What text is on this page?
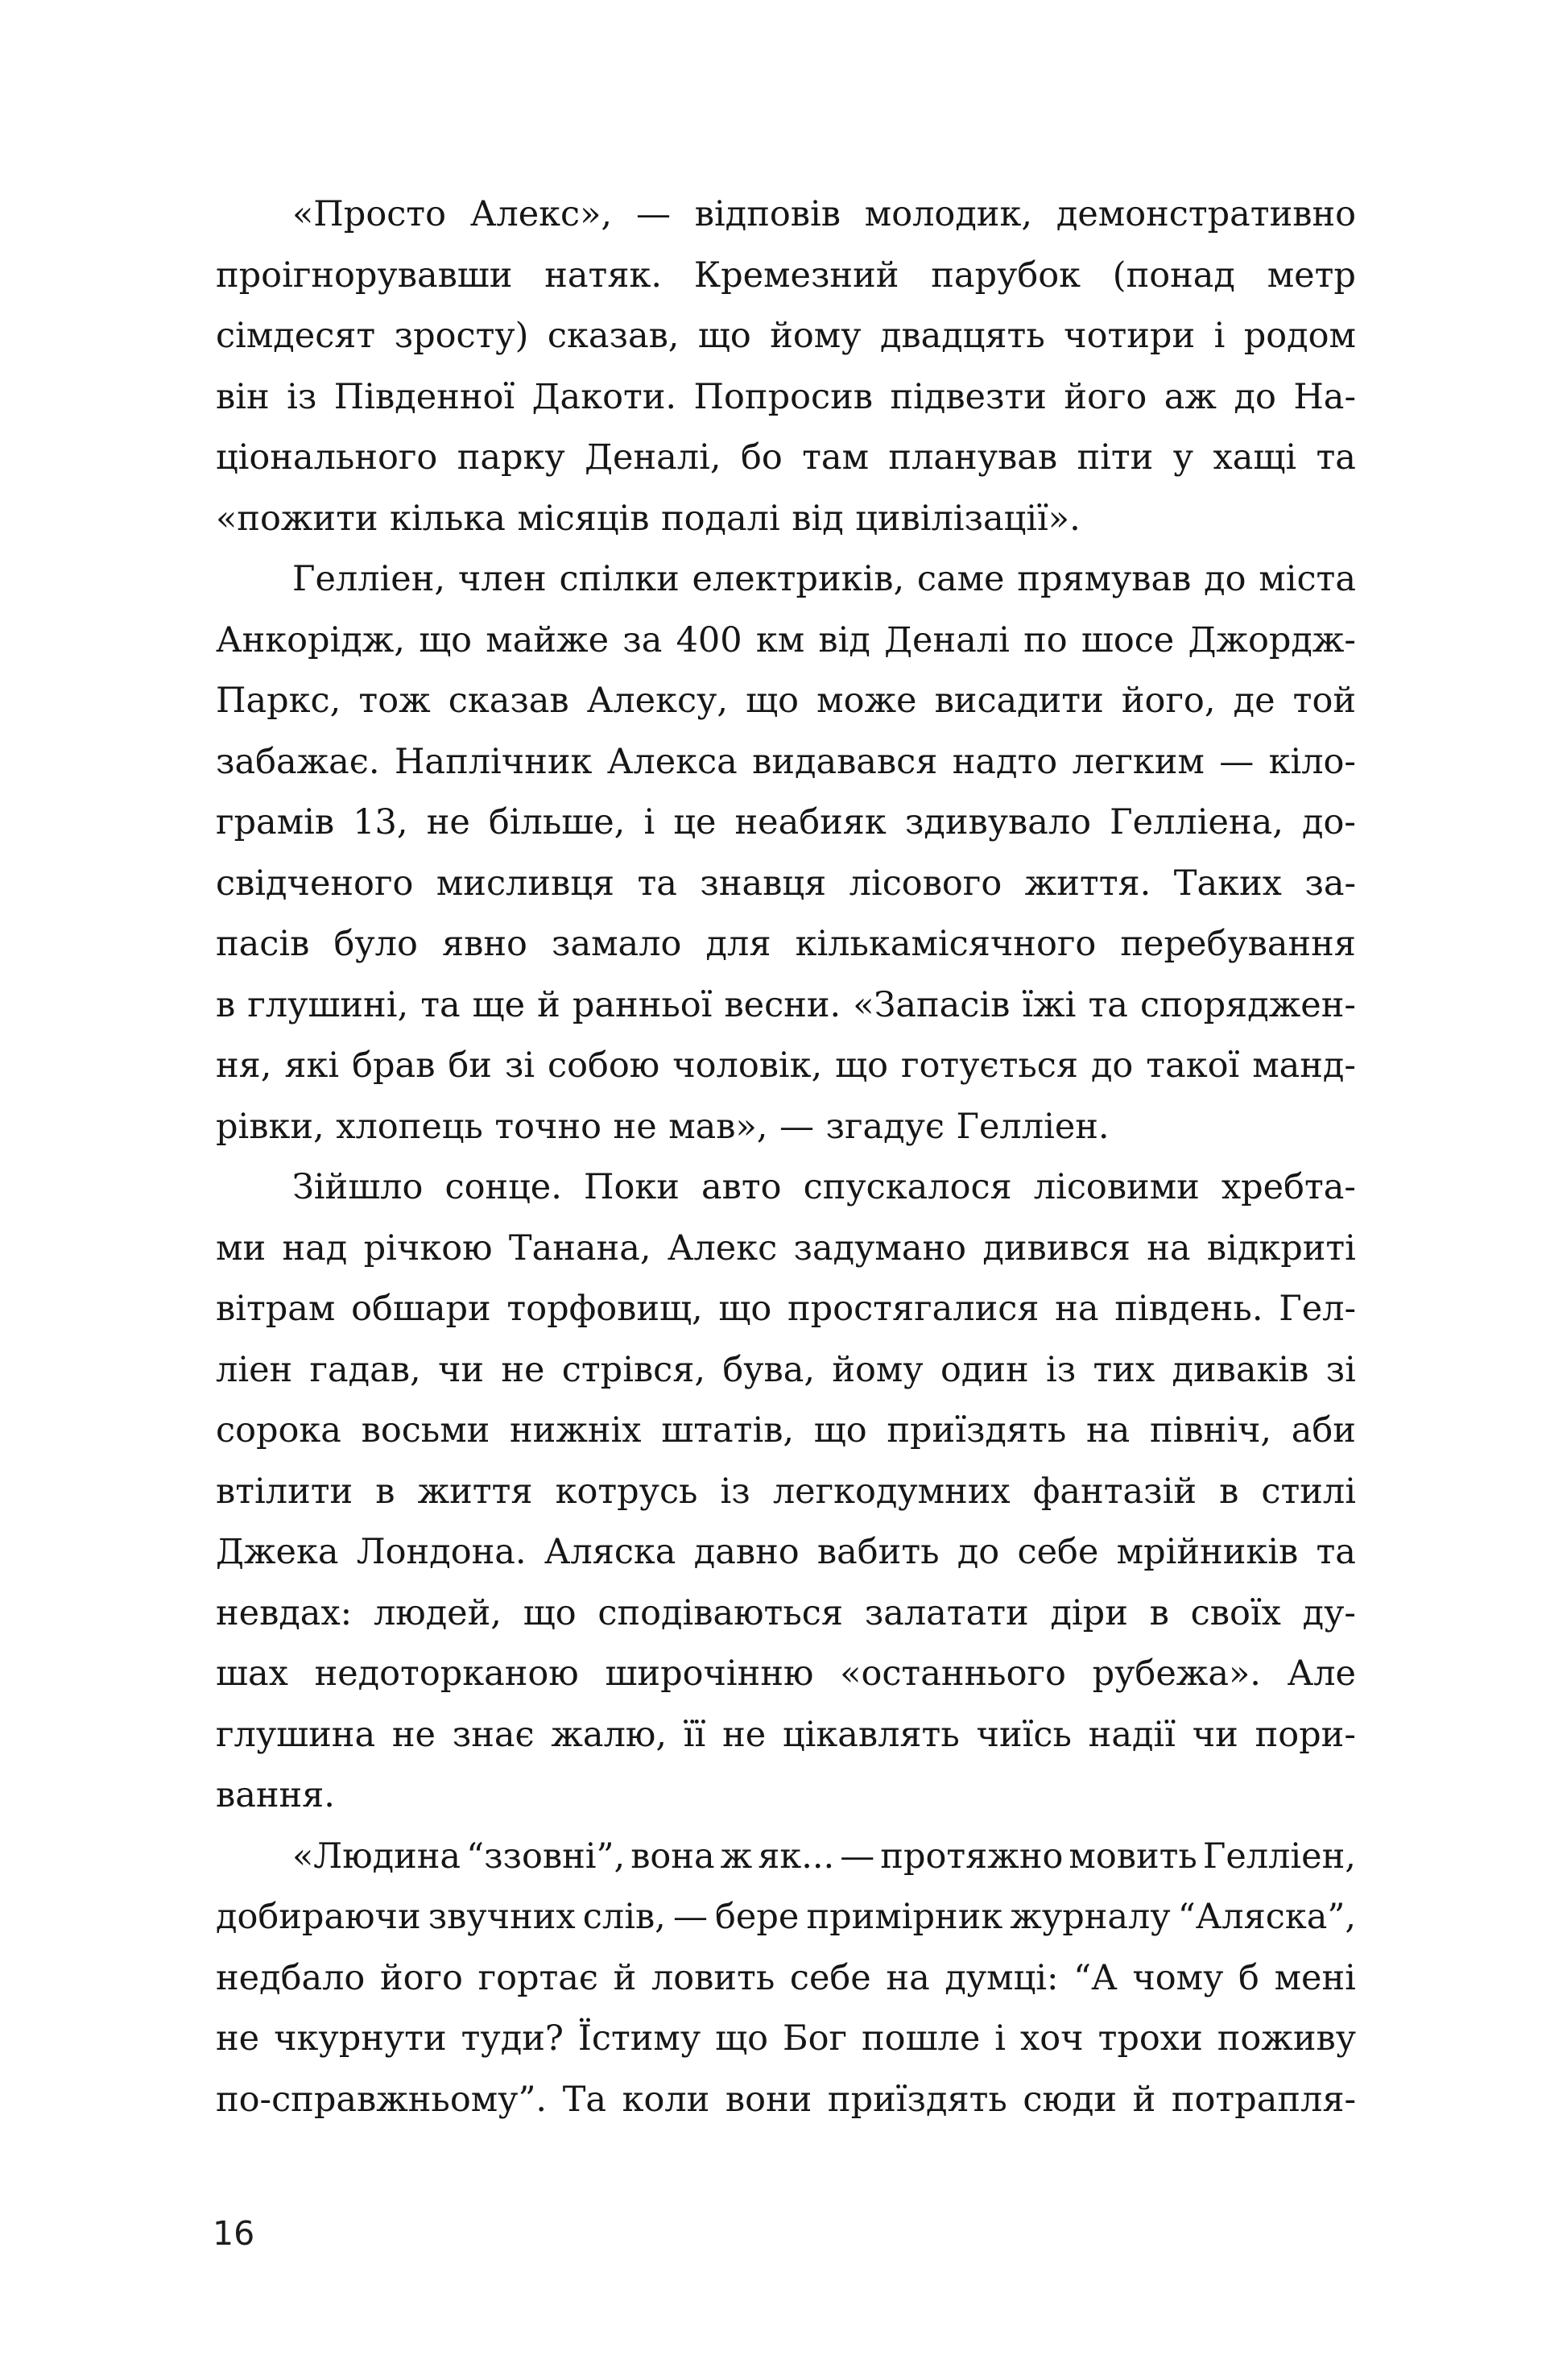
«Просто Алекс», — відповів молодик, демонстративно
проігнорувавши натяк. Кремезний парубок (понад метр
сімдесят зросту) сказав, що йому двадцять чотири і родом
він із Південної Дакоти. Попросив підвезти його аж до На-
ціонального парку Деналі, бо там планував піти у хащі та
«пожити кілька місяців подалі від цивілізації».
Гелліен, член спілки електриків, саме прямував до міста
Анкорідж, що майже за 400 км від Деналі по шосе Джордж-
Паркс, тож сказав Алексу, що може висадити його, де той
забажає. Наплічник Алекса видавався надто легким — кіло-
грамів 13, не більше, і це неабияк здивувало Гелліена, до-
свідченого мисливця та знавця лісового життя. Таких за-
пасів було явно замало для кількамісячного перебування
в глушині, та ще й ранньої весни. «Запасів їжі та споряджен-
ня, які брав би зі собою чоловік, що готується до такої манд-
рівки, хлопець точно не мав», — згадує Гелліен.
Зійшло сонце. Поки авто спускалося лісовими хребта-
ми над річкою Танана, Алекс задумано дивився на відкриті
вітрам обшари торфовищ, що простягалися на південь. Гел-
ліен гадав, чи не стрівся, бува, йому один із тих диваків зі
сорока восьми нижніх штатів, що приїздять на північ, аби
втілити в життя котрусь із легкодумних фантазій в стилі
Джека Лондона. Аляска давно вабить до себе мрійників та
невдах: людей, що сподіваються залатати діри в своїх ду-
шах недоторканою широчінню «останнього рубежа». Але
глушина не знає жалю, її не цікавлять чиїсь надії чи пори-
вання.
«Людина “ззовні”, вона ж як... — протяжно мовить Гелліен,
добираючи звучних слів, — бере примірник журналу “Аляска”,
недбало його гортає й ловить себе на думці: “А чому б мені
не чкурнути туди? Їстиму що Бог пошле і хоч трохи поживу
по-справжньому”. Та коли вони приїздять сюди й потрапля-
16
